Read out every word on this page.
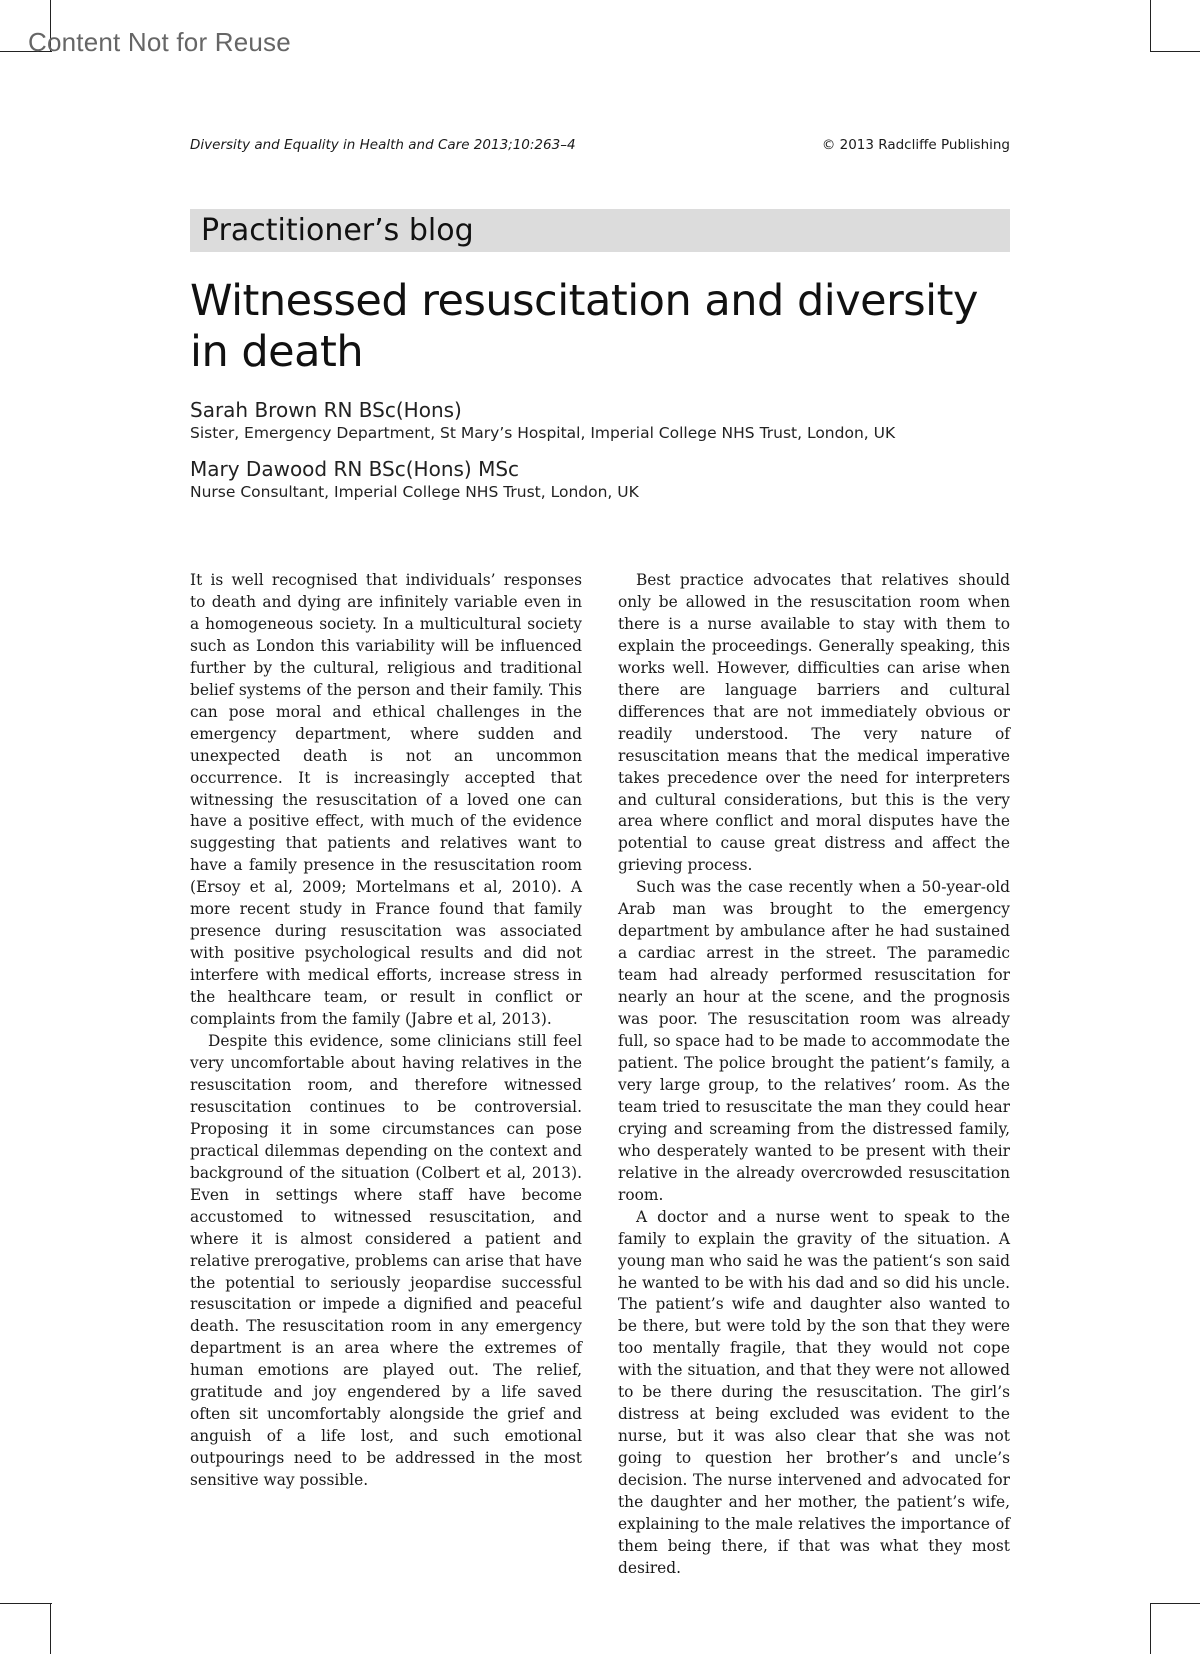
Content Not for Reuse
Diversity and Equality in Health and Care 2013;10:263–4	© 2013 Radcliffe Publishing
Practitioner’s blog
Witnessed resuscitation and diversity in death
Sarah Brown RN BSc(Hons)
Sister, Emergency Department, St Mary’s Hospital, Imperial College NHS Trust, London, UK
Mary Dawood RN BSc(Hons) MSc
Nurse Consultant, Imperial College NHS Trust, London, UK

It is well recognised that individuals’ responses to death and dying are infinitely variable even in a homogeneous society. In a multicultural society such as London this variability will be influenced further by the cultural, religious and traditional belief systems of the person and their family. This can pose moral and ethical challenges in the emergency department, where sudden and unexpected death is not an uncommon occurrence. It is increasingly accepted that witnessing the resuscitation of a loved one can have a positive effect, with much of the evidence suggesting that patients and relatives want to have a family presence in the resuscitation room (Ersoy et al, 2009; Mortelmans et al, 2010). A more recent study in France found that family presence during resuscitation was associated with positive psychological results and did not interfere with medical efforts, increase stress in the healthcare team, or result in conflict or complaints from the family (Jabre et al, 2013).

Despite this evidence, some clinicians still feel very uncomfortable about having relatives in the resuscitation room, and therefore witnessed resuscitation continues to be controversial. Proposing it in some circumstances can pose practical dilemmas depending on the context and background of the situation (Colbert et al, 2013). Even in settings where staff have become accustomed to witnessed resuscitation, and where it is almost considered a patient and relative prerogative, problems can arise that have the potential to seriously jeopardise successful resuscitation or impede a dignified and peaceful death. The resuscitation room in any emergency department is an area where the extremes of human emotions are played out. The relief, gratitude and joy engendered by a life saved often sit uncomfortably alongside the grief and anguish of a life lost, and such emotional outpourings need to be addressed in the most sensitive way possible.

Best practice advocates that relatives should only be allowed in the resuscitation room when there is a nurse available to stay with them to explain the proceedings. Generally speaking, this works well. However, difficulties can arise when there are language barriers and cultural differences that are not immediately obvious or readily understood. The very nature of resuscitation means that the medical imperative takes precedence over the need for interpreters and cultural considerations, but this is the very area where conflict and moral disputes have the potential to cause great distress and affect the grieving process.

Such was the case recently when a 50-year-old Arab man was brought to the emergency department by ambulance after he had sustained a cardiac arrest in the street. The paramedic team had already performed resuscitation for nearly an hour at the scene, and the prognosis was poor. The resuscitation room was already full, so space had to be made to accommodate the patient. The police brought the patient’s family, a very large group, to the relatives’ room. As the team tried to resuscitate the man they could hear crying and screaming from the distressed family, who desperately wanted to be present with their relative in the already overcrowded resuscitation room.

A doctor and a nurse went to speak to the family to explain the gravity of the situation. A young man who said he was the patient‘s son said he wanted to be with his dad and so did his uncle. The patient’s wife and daughter also wanted to be there, but were told by the son that they were too mentally fragile, that they would not cope with the situation, and that they were not allowed to be there during the resuscitation. The girl’s distress at being excluded was evident to the nurse, but it was also clear that she was not going to question her brother’s and uncle’s decision. The nurse intervened and advocated for the daughter and her mother, the patient’s wife, explaining to the male relatives the importance of them being there, if that was what they most desired.
